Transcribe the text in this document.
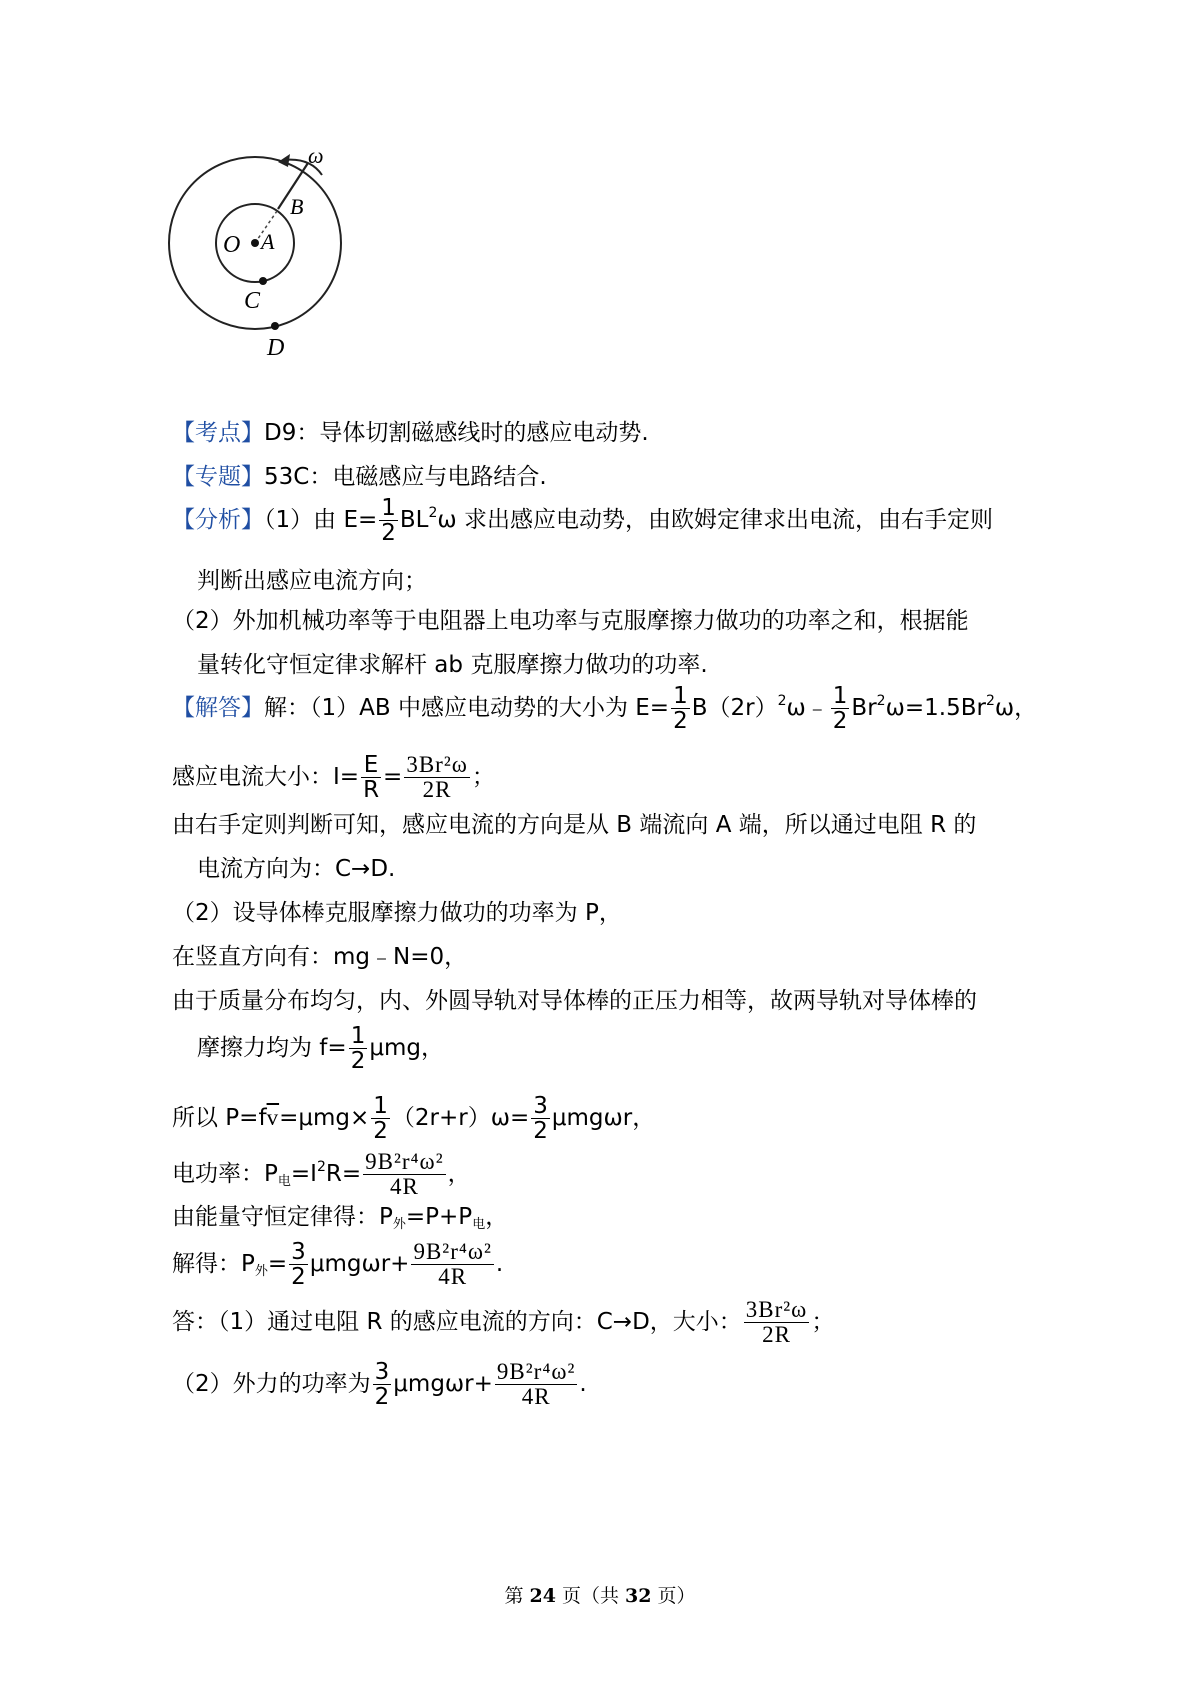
ω
B
O A
C
D
【考点】D9：导体切割磁感线时的感应电动势.
【专题】53C：电磁感应与电路结合.
【分析】（1）由 $E= \frac{1}{2} BL^2\omega$ 求出感应电动势，由欧姆定律求出电流，由右手定则
判断出感应电流方向；
（2）外加机械功率等于电阻器上电功率与克服摩擦力做功的功率之和，根据能
量转化守恒定律求解杆 ab 克服摩擦力做功的功率.
【解答】解：（1）AB 中感应电动势的大小为 $E= \frac{1}{2}$ $B(2r)^2\omega﹣ \frac{1}{2} Br^2\omega=1.5Br^2\omega$，
感应电流大小：$I= \frac{E}{R} = \frac{\text{3Br²ω}}{2R}$ ；
由右手定则判断可知，感应电流的方向是从 B 端流向 A 端，所以通过电阻 R 的
电流方向为：C→D.
（2）设导体棒克服摩擦力做功的功率为 P，
在竖直方向有：mg﹣N=0，
由于质量分布均匀，内、外圆导轨对导体棒的正压力相等，故两导轨对导体棒的
摩擦力均为 $f= \frac{1}{2}$ μmg，
所以 $P=f\overline{v}=\mu mg\times \frac{1}{2} (2r+r)\omega= \frac{3}{2}$ μmgωr，
电功率：$P_电=I^2R= \frac{\text{9B²r⁴ω²}}{4R}$ ，
由能量守恒定律得：$P_外=P+P_电$，
解得：$P_外= \frac{3}{2} \mu mg\omega r+ \frac{\text{9B²r⁴ω²}}{4R}$ .
答：（1）通过电阻 R 的感应电流的方向：C→D，大小： $\frac{\text{3Br²ω}}{2R}$ ；
（2）外力的功率为 $\frac{3}{2} \mu mg\omega r+ \frac{\text{9B²r⁴ω²}}{4R}$ .
第 24 页（共 32 页）
